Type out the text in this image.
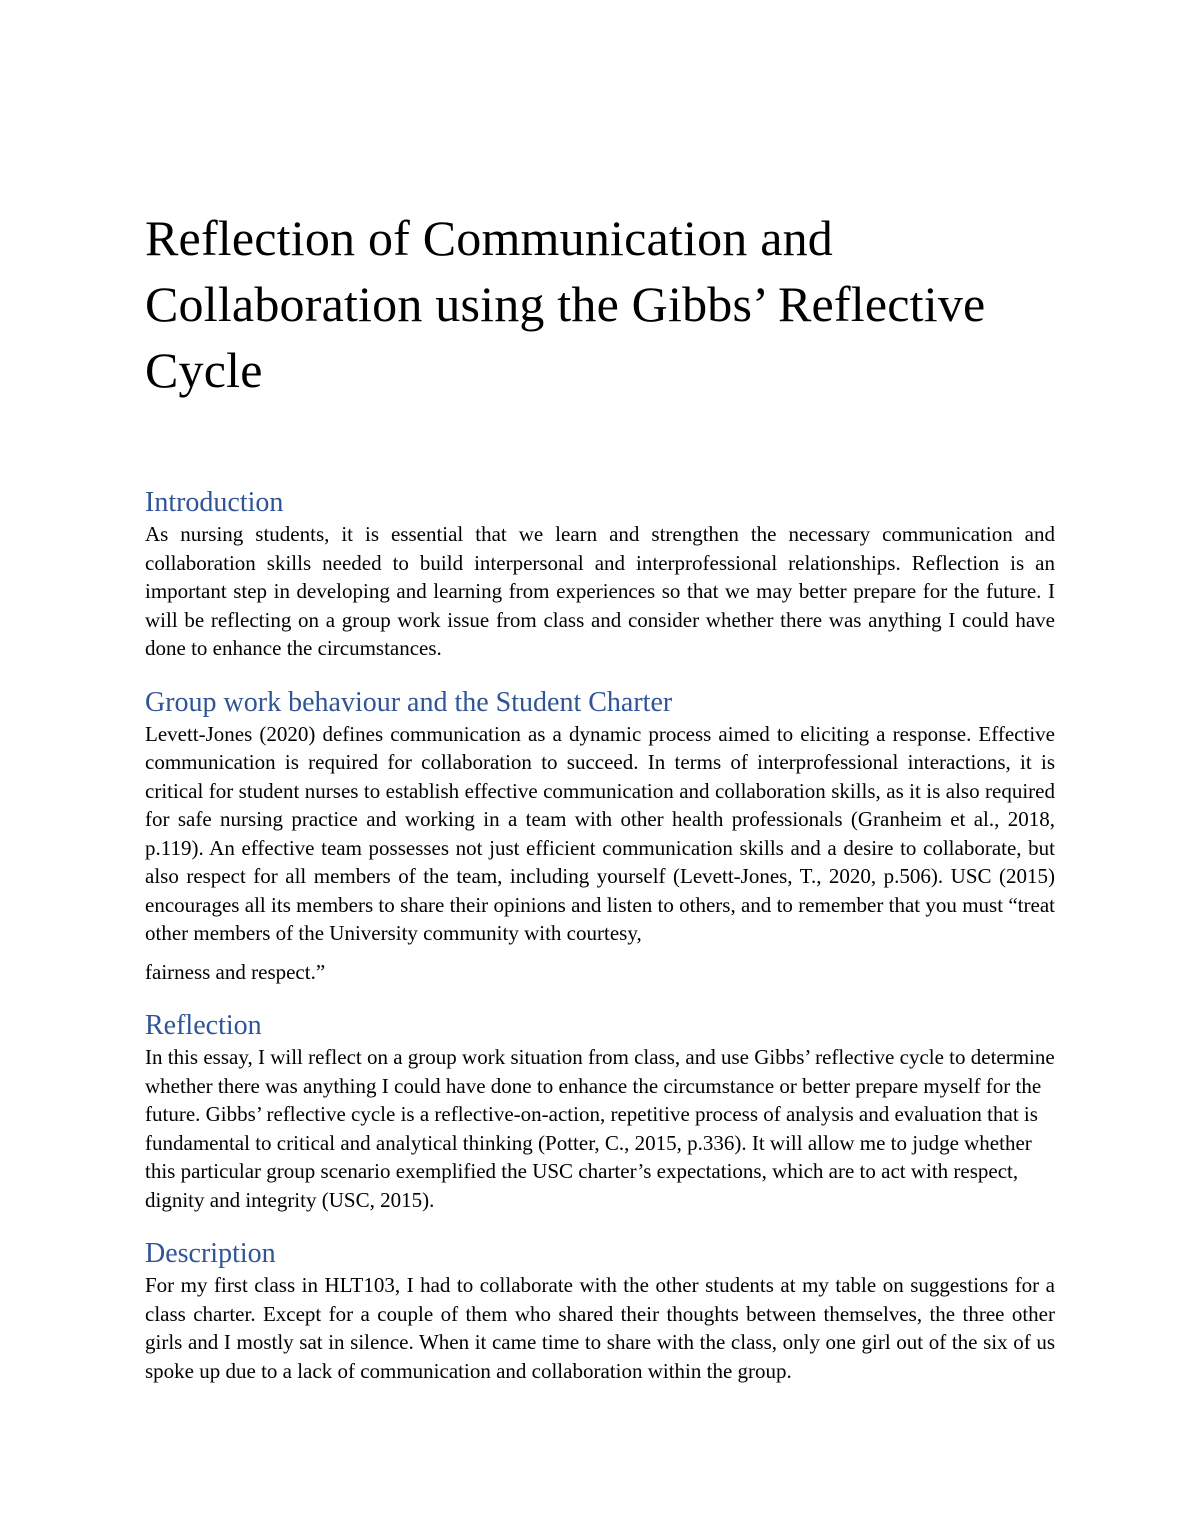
Reflection of Communication and Collaboration using the Gibbs’ Reflective Cycle
Introduction

As nursing students, it is essential that we learn and strengthen the necessary communication and collaboration skills needed to build interpersonal and interprofessional relationships. Reflection is an important step in developing and learning from experiences so that we may better prepare for the future. I will be reflecting on a group work issue from class and consider whether there was anything I could have done to enhance the circumstances.

Group work behaviour and the Student Charter

Levett-Jones (2020) defines communication as a dynamic process aimed to eliciting a response. Effective communication is required for collaboration to succeed. In terms of interprofessional interactions, it is critical for student nurses to establish effective communication and collaboration skills, as it is also required for safe nursing practice and working in a team with other health professionals (Granheim et al., 2018, p.119). An effective team possesses not just efficient communication skills and a desire to collaborate, but also respect for all members of the team, including yourself (Levett-Jones, T., 2020, p.506). USC (2015) encourages all its members to share their opinions and listen to others, and to remember that you must “treat other members of the University community with courtesy,
fairness and respect.”

Reflection

In this essay, I will reflect on a group work situation from class, and use Gibbs’ reflective cycle to determine whether there was anything I could have done to enhance the circumstance or better prepare myself for the future. Gibbs’ reflective cycle is a reflective-on-action, repetitive process of analysis and evaluation that is fundamental to critical and analytical thinking (Potter, C., 2015, p.336). It will allow me to judge whether this particular group scenario exemplified the USC charter’s expectations, which are to act with respect, dignity and integrity (USC, 2015).

Description

For my first class in HLT103, I had to collaborate with the other students at my table on suggestions for a class charter. Except for a couple of them who shared their thoughts between themselves, the three other girls and I mostly sat in silence. When it came time to share with the class, only one girl out of the six of us spoke up due to a lack of communication and collaboration within the group.
